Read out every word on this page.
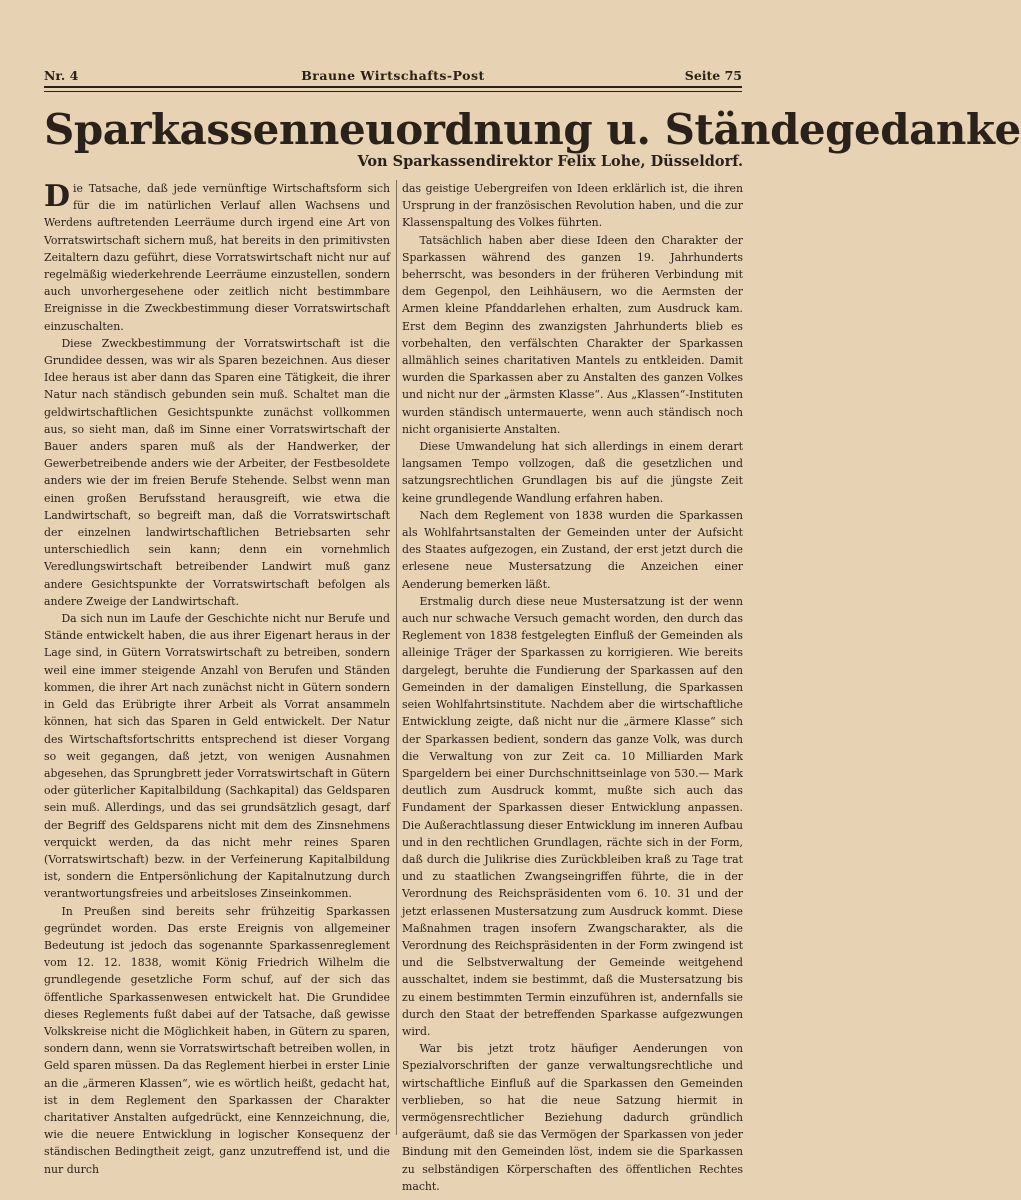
Nr. 4	Braune Wirtschafts-Post	Seite 75
Sparkassenneuordnung u. Ständegedanke
Von Sparkassendirektor Felix Lohe, Düsseldorf.

Die Tatsache, daß jede vernünftige Wirtschaftsform sich für die im natürlichen Verlauf allen Wachsens und Werdens auftretenden Leerräume durch irgend eine Art von Vorratswirtschaft sichern muß, hat bereits in den primitivsten Zeitaltern dazu geführt, diese Vorratswirtschaft nicht nur auf regelmäßig wiederkehrende Leerräume einzustellen, sondern auch unvorhergesehene oder zeitlich nicht bestimmbare Ereignisse in die Zweckbestimmung dieser Vorratswirtschaft einzuschalten.

Diese Zweckbestimmung der Vorratswirtschaft ist die Grundidee dessen, was wir als Sparen bezeichnen. Aus dieser Idee heraus ist aber dann das Sparen eine Tätigkeit, die ihrer Natur nach ständisch gebunden sein muß. Schaltet man die geldwirtschaftlichen Gesichtspunkte zunächst vollkommen aus, so sieht man, daß im Sinne einer Vorratswirtschaft der Bauer anders sparen muß als der Handwerker, der Gewerbetreibende anders wie der Arbeiter, der Festbesoldete anders wie der im freien Berufe Stehende. Selbst wenn man einen großen Berufsstand herausgreift, wie etwa die Landwirtschaft, so begreift man, daß die Vorratswirtschaft der einzelnen landwirtschaftlichen Betriebsarten sehr unterschiedlich sein kann; denn ein vornehmlich Veredlungswirtschaft betreibender Landwirt muß ganz andere Gesichtspunkte der Vorratswirtschaft befolgen als andere Zweige der Landwirtschaft.

Da sich nun im Laufe der Geschichte nicht nur Berufe und Stände entwickelt haben, die aus ihrer Eigenart heraus in der Lage sind, in Gütern Vorratswirtschaft zu betreiben, sondern weil eine immer steigende Anzahl von Berufen und Ständen kommen, die ihrer Art nach zunächst nicht in Gütern sondern in Geld das Erübrigte ihrer Arbeit als Vorrat ansammeln können, hat sich das Sparen in Geld entwickelt. Der Natur des Wirtschaftsfortschritts entsprechend ist dieser Vorgang so weit gegangen, daß jetzt, von wenigen Ausnahmen abgesehen, das Sprungbrett jeder Vorratswirtschaft in Gütern oder güterlicher Kapitalbildung (Sachkapital) das Geldsparen sein muß. Allerdings, und das sei grundsätzlich gesagt, darf der Begriff des Geldsparens nicht mit dem des Zinsnehmens verquickt werden, da das nicht mehr reines Sparen (Vorratswirtschaft) bezw. in der Verfeinerung Kapitalbildung ist, sondern die Entpersönlichung der Kapitalnutzung durch verantwortungsfreies und arbeitsloses Zinseinkommen.

In Preußen sind bereits sehr frühzeitig Sparkassen gegründet worden. Das erste Ereignis von allgemeiner Bedeutung ist jedoch das sogenannte Sparkassenreglement vom 12. 12. 1838, womit König Friedrich Wilhelm die grundlegende gesetzliche Form schuf, auf der sich das öffentliche Sparkassenwesen entwickelt hat. Die Grundidee dieses Reglements fußt dabei auf der Tatsache, daß gewisse Volkskreise nicht die Möglichkeit haben, in Gütern zu sparen, sondern dann, wenn sie Vorratswirtschaft betreiben wollen, in Geld sparen müssen. Da das Reglement hierbei in erster Linie an die „ärmeren Klassen“, wie es wörtlich heißt, gedacht hat, ist in dem Reglement den Sparkassen der Charakter charitativer Anstalten aufgedrückt, eine Kennzeichnung, die, wie die neuere Entwicklung in logischer Konsequenz der ständischen Bedingtheit zeigt, ganz unzutreffend ist, und die nur durch

das geistige Uebergreifen von Ideen erklärlich ist, die ihren Ursprung in der französischen Revolution haben, und die zur Klassenspaltung des Volkes führten.

Tatsächlich haben aber diese Ideen den Charakter der Sparkassen während des ganzen 19. Jahrhunderts beherrscht, was besonders in der früheren Verbindung mit dem Gegenpol, den Leihhäusern, wo die Aermsten der Armen kleine Pfanddarlehen erhalten, zum Ausdruck kam. Erst dem Beginn des zwanzigsten Jahrhunderts blieb es vorbehalten, den verfälschten Charakter der Sparkassen allmählich seines charitativen Mantels zu entkleiden. Damit wurden die Sparkassen aber zu Anstalten des ganzen Volkes und nicht nur der „ärmsten Klasse“. Aus „Klassen“-Instituten wurden ständisch untermauerte, wenn auch ständisch noch nicht organisierte Anstalten.

Diese Umwandelung hat sich allerdings in einem derart langsamen Tempo vollzogen, daß die gesetzlichen und satzungsrechtlichen Grundlagen bis auf die jüngste Zeit keine grundlegende Wandlung erfahren haben.

Nach dem Reglement von 1838 wurden die Sparkassen als Wohlfahrtsanstalten der Gemeinden unter der Aufsicht des Staates aufgezogen, ein Zustand, der erst jetzt durch die erlesene neue Mustersatzung die Anzeichen einer Aenderung bemerken läßt.

Erstmalig durch diese neue Mustersatzung ist der wenn auch nur schwache Versuch gemacht worden, den durch das Reglement von 1838 festgelegten Einfluß der Gemeinden als alleinige Träger der Sparkassen zu korrigieren. Wie bereits dargelegt, beruhte die Fundierung der Sparkassen auf den Gemeinden in der damaligen Einstellung, die Sparkassen seien Wohlfahrtsinstitute. Nachdem aber die wirtschaftliche Entwicklung zeigte, daß nicht nur die „ärmere Klasse“ sich der Sparkassen bedient, sondern das ganze Volk, was durch die Verwaltung von zur Zeit ca. 10 Milliarden Mark Spargeldern bei einer Durchschnittseinlage von 530.— Mark deutlich zum Ausdruck kommt, mußte sich auch das Fundament der Sparkassen dieser Entwicklung anpassen. Die Außerachtlassung dieser Entwicklung im inneren Aufbau und in den rechtlichen Grundlagen, rächte sich in der Form, daß durch die Julikrise dies Zurückbleiben kraß zu Tage trat und zu staatlichen Zwangseingriffen führte, die in der Verordnung des Reichspräsidenten vom 6. 10. 31 und der jetzt erlassenen Mustersatzung zum Ausdruck kommt. Diese Maßnahmen tragen insofern Zwangscharakter, als die Verordnung des Reichspräsidenten in der Form zwingend ist und die Selbstverwaltung der Gemeinde weitgehend ausschaltet, indem sie bestimmt, daß die Mustersatzung bis zu einem bestimmten Termin einzuführen ist, andernfalls sie durch den Staat der betreffenden Sparkasse aufgezwungen wird.

War bis jetzt trotz häufiger Aenderungen von Spezialvorschriften der ganze verwaltungsrechtliche und wirtschaftliche Einfluß auf die Sparkassen den Gemeinden verblieben, so hat die neue Satzung hiermit in vermögensrechtlicher Beziehung dadurch gründlich aufgeräumt, daß sie das Vermögen der Sparkassen von jeder Bindung mit den Gemeinden löst, indem sie die Sparkassen zu selbständigen Körperschaften des öffentlichen Rechtes macht.
